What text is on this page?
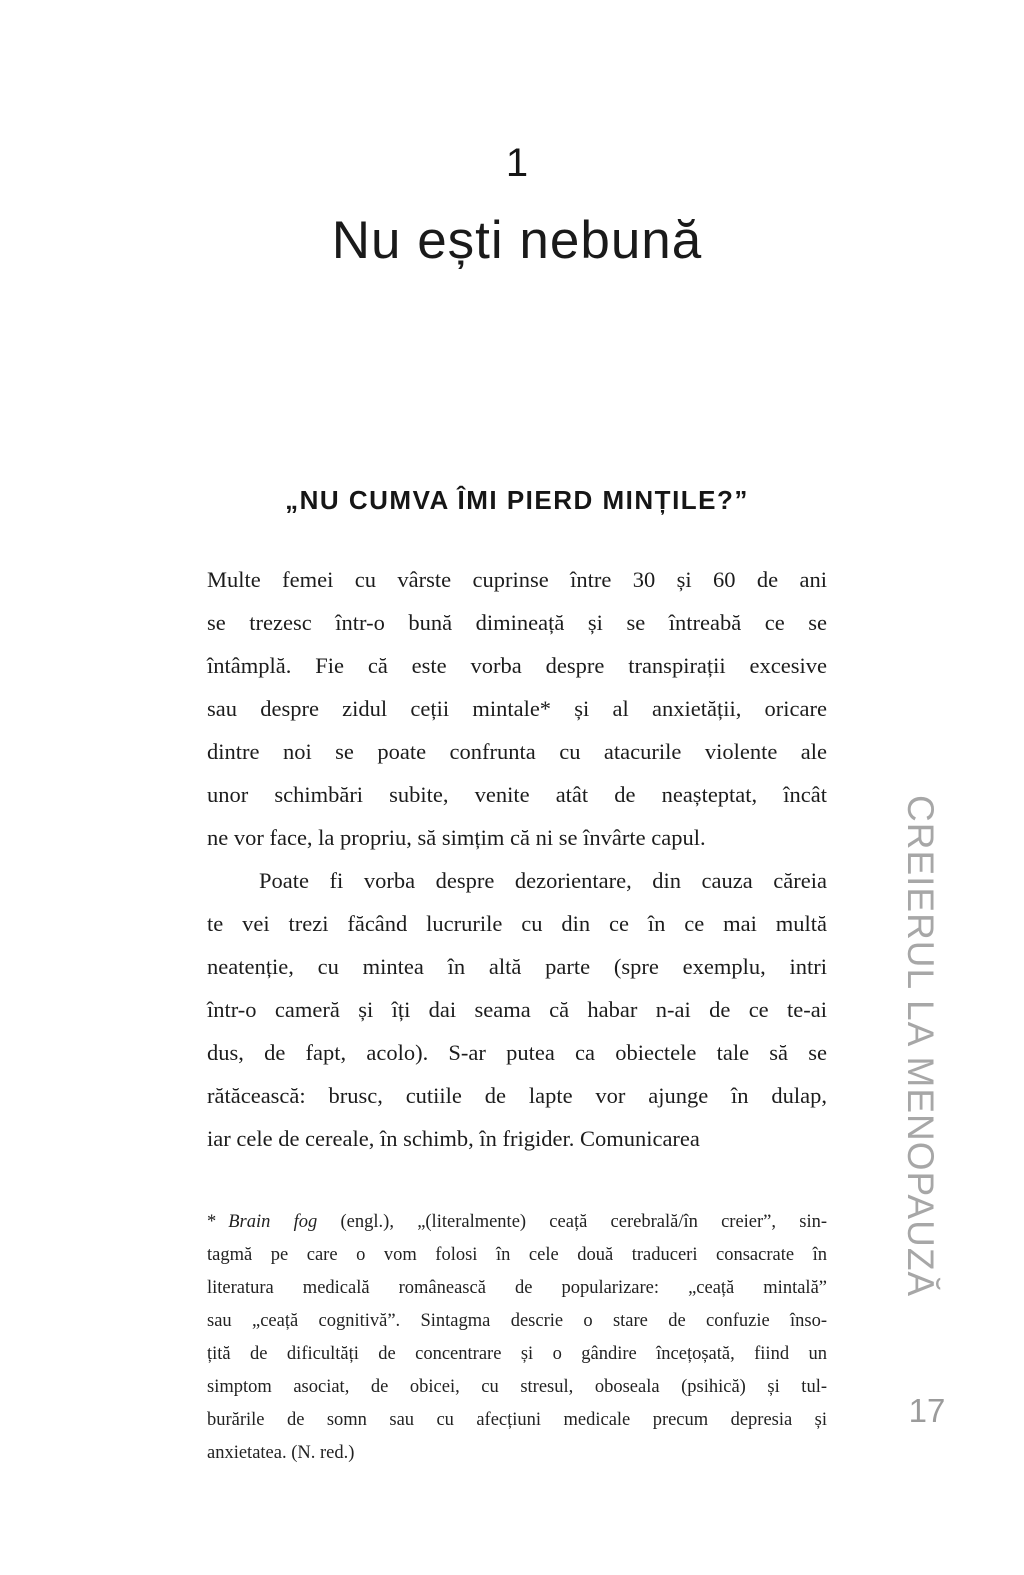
1
Nu ești nebună
„NU CUMVA ÎMI PIERD MINȚILE?”
Multe femei cu vârste cuprinse între 30 și 60 de ani
se trezesc într-o bună dimineață și se întreabă ce se
întâmplă. Fie că este vorba despre transpirații excesive
sau despre zidul ceții mintale* și al anxietății, oricare
dintre noi se poate confrunta cu atacurile violente ale
unor schimbări subite, venite atât de neașteptat, încât
ne vor face, la propriu, să simțim că ni se învârte capul.
Poate fi vorba despre dezorientare, din cauza căreia
te vei trezi făcând lucrurile cu din ce în ce mai multă
neatenție, cu mintea în altă parte (spre exemplu, intri
într-o cameră și îți dai seama că habar n-ai de ce te-ai
dus, de fapt, acolo). S-ar putea ca obiectele tale să se
rătăcească: brusc, cutiile de lapte vor ajunge în dulap,
iar cele de cereale, în schimb, în frigider. Comunicarea
* Brain fog (engl.), „(literalmente) ceață cerebrală/în creier”, sin-
tagmă pe care o vom folosi în cele două traduceri consacrate în
literatura medicală românească de popularizare: „ceață mintală”
sau „ceață cognitivă”. Sintagma descrie o stare de confuzie înso-
țită de dificultăți de concentrare și o gândire încețoșată, fiind un
simptom asociat, de obicei, cu stresul, oboseala (psihică) și tul-
burările de somn sau cu afecțiuni medicale precum depresia și
anxietatea. (N. red.)
CREIERUL LA MENOPAUZĂ
17
